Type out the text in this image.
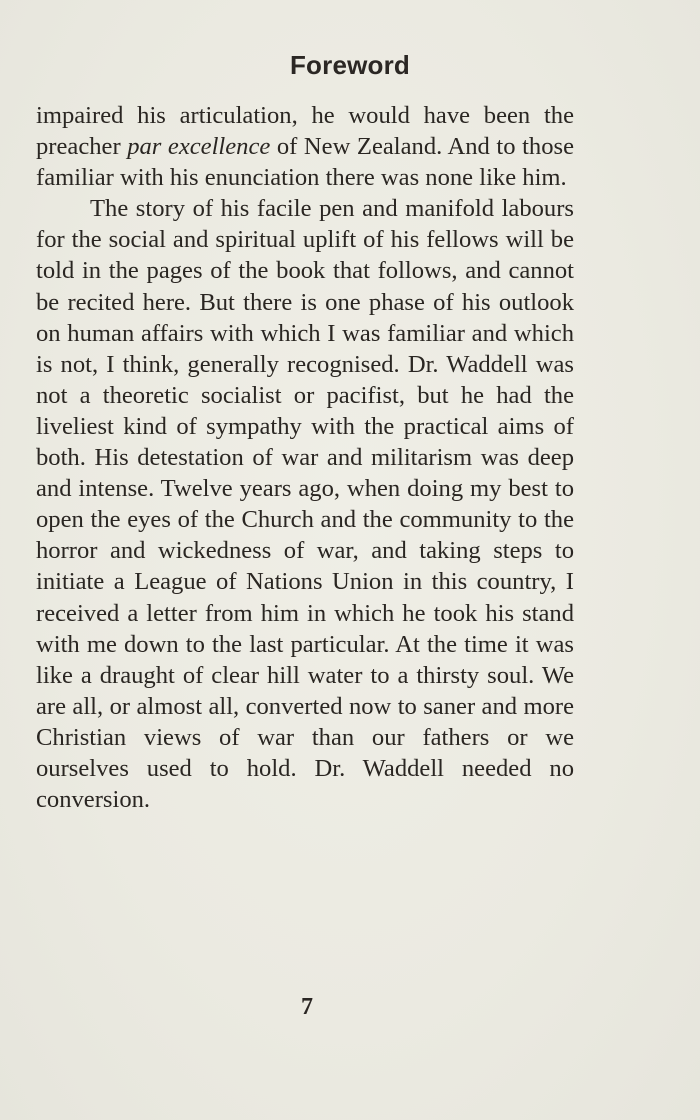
Foreword

impaired his articulation, he would have been the preacher par excellence of New Zealand. And to those familiar with his enunciation there was none like him.

The story of his facile pen and manifold labours for the social and spiritual uplift of his fellows will be told in the pages of the book that follows, and cannot be recited here. But there is one phase of his outlook on human affairs with which I was familiar and which is not, I think, generally recognised. Dr. Waddell was not a theoretic socialist or pacifist, but he had the liveliest kind of sympathy with the practical aims of both. His detestation of war and militarism was deep and intense. Twelve years ago, when doing my best to open the eyes of the Church and the community to the horror and wickedness of war, and taking steps to initiate a League of Nations Union in this country, I received a letter from him in which he took his stand with me down to the last particular. At the time it was like a draught of clear hill water to a thirsty soul. We are all, or almost all, converted now to saner and more Christian views of war than our fathers or we ourselves used to hold. Dr. Waddell needed no conversion.

7
